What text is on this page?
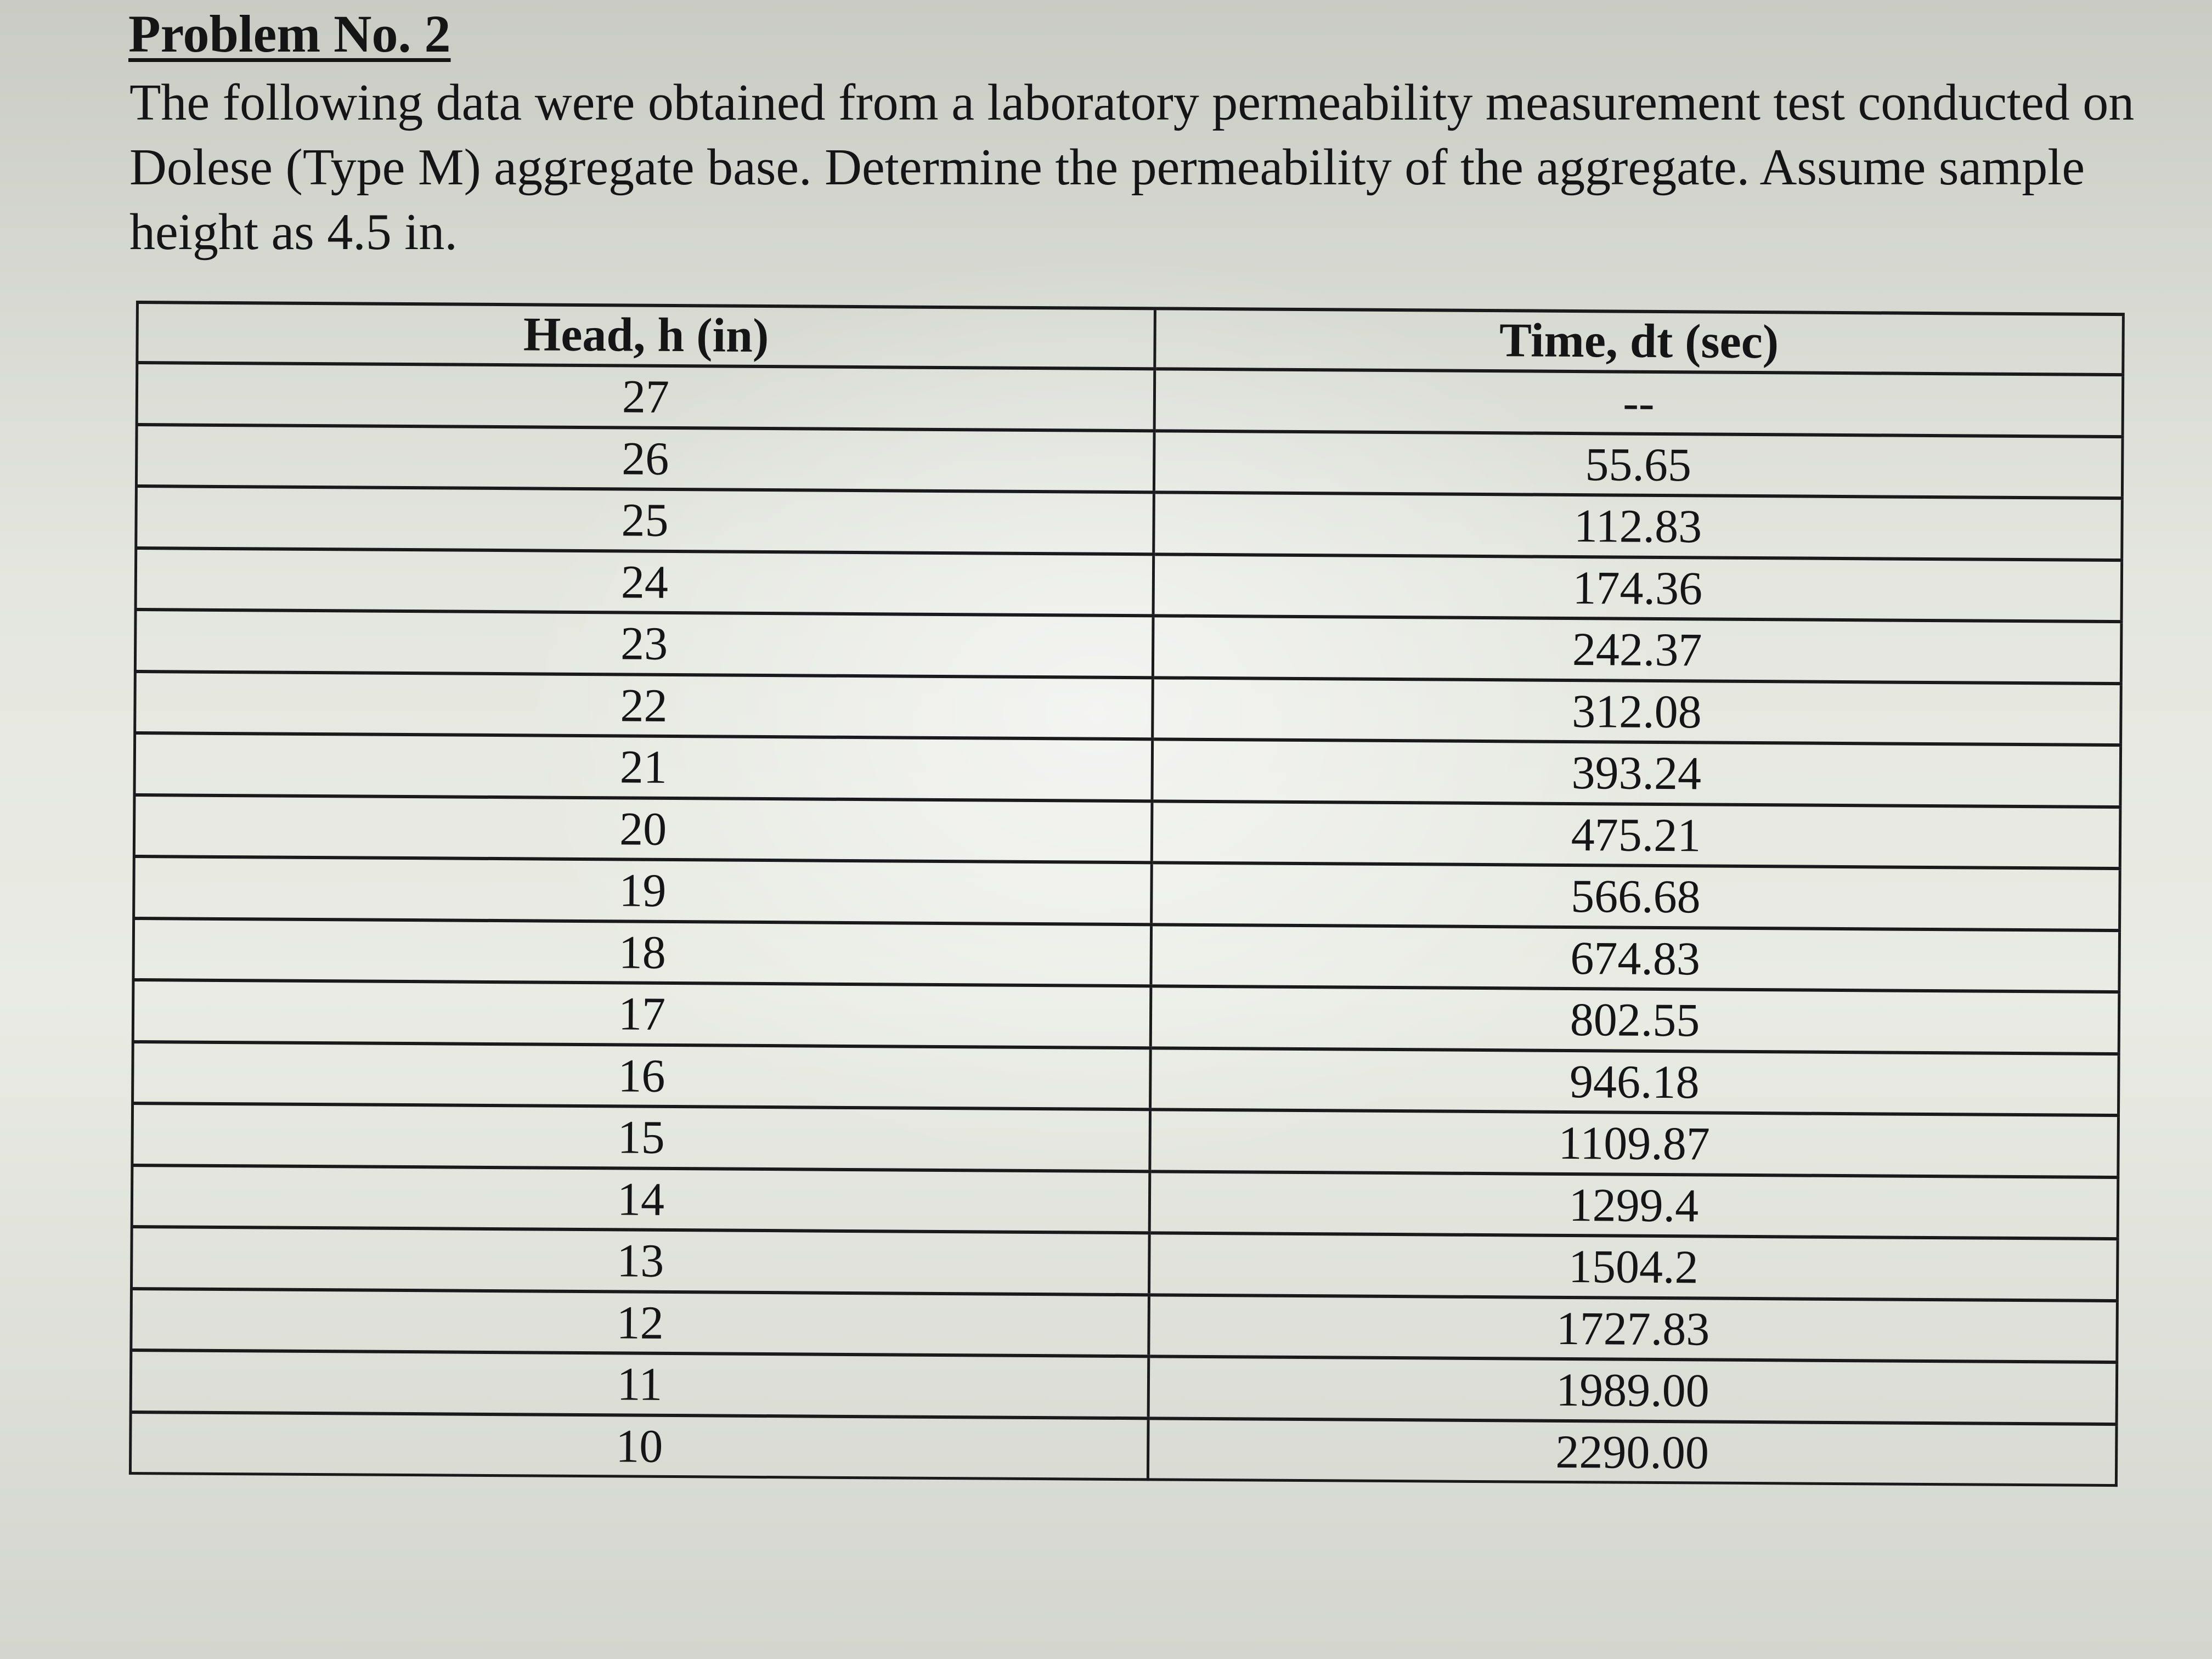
Problem No. 2
The following data were obtained from a laboratory permeability measurement test conducted on
Dolese (Type M) aggregate base. Determine the permeability of the aggregate. Assume sample
height as 4.5 in.
Head, h (in)	Time, dt (sec)
27	--
26	55.65
25	112.83
24	174.36
23	242.37
22	312.08
21	393.24
20	475.21
19	566.68
18	674.83
17	802.55
16	946.18
15	1109.87
14	1299.4
13	1504.2
12	1727.83
11	1989.00
10	2290.00
